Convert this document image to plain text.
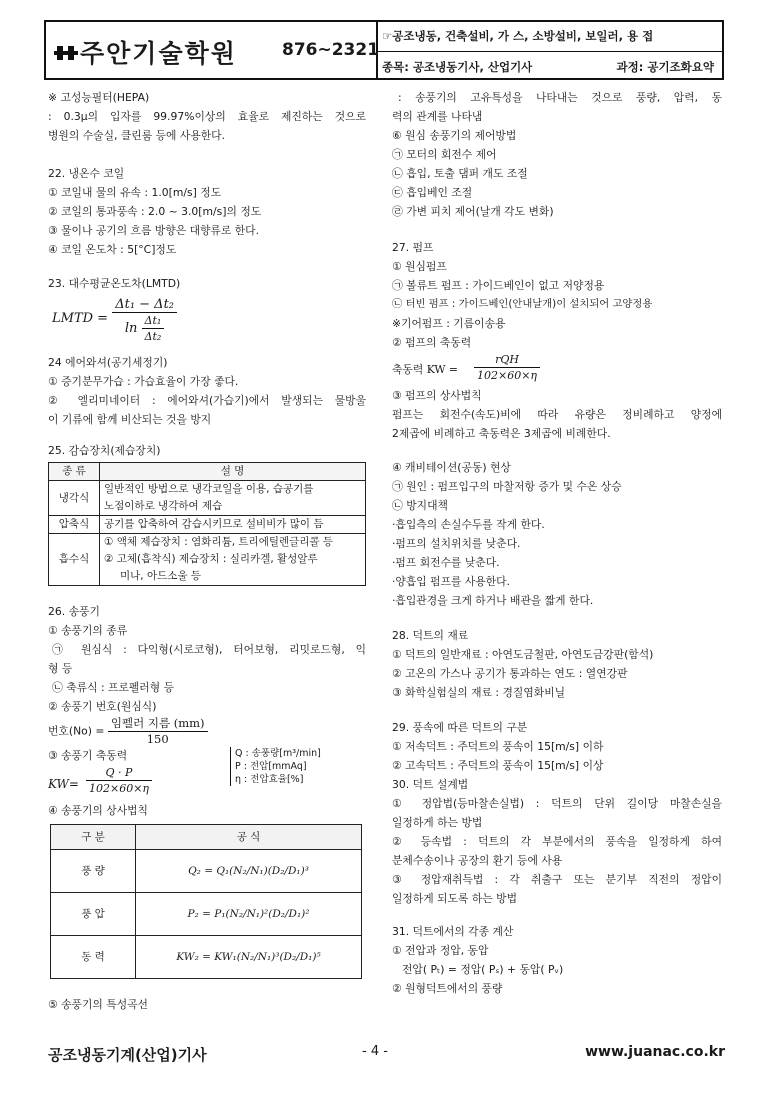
주안기술학원	876~2321
☞공조냉동, 건축설비, 가 스, 소방설비, 보일러, 용 접
종목: 공조냉동기사, 산업기사	과정: 공기조화요약
※ 고성능필터(HEPA)
: 0.3μ의 입자를 99.97%이상의 효율로 제진하는 것으로
병원의 수술실, 클린룸 등에 사용한다.
22. 냉온수 코일
① 코일내 물의 유속 : 1.0[m/s] 정도
② 코일의 통과풍속 : 2.0 ~ 3.0[m/s]의 정도
③ 물이나 공기의 흐름 방향은 대향류로 한다.
④ 코일 온도차 : 5[°C]정도
23. 대수평균온도차(LMTD)
LMTD = $\frac{\text{Δt₁ − Δt₂}}{\ln \frac{\text{Δt₁}}{\text{Δt₂}}}$
24 에어와셔(공기세정기)
① 증기분무가습 : 가습효율이 가장 좋다.
② 엘리미네이터 : 에어와셔(가습기)에서 발생되는 물방울
이 기류에 함께 비산되는 것을 방지
25. 감습장치(제습장치)
종 류	설 명
냉각식	일반적인 방법으로 냉각코일을 이용, 습공기를
노점이하로 냉각하여 제습

압축식	공기를 압축하여 감습시키므로 설비비가 많이 듬

흡수식	① 액체 제습장치 : 염화리튬, 트리에틸렌글리콜 등
② 고체(흡착식) 제습장치 : 실리카겔, 활성알루
미나, 아드소울 등
26. 송풍기
① 송풍기의 종류
㉠ 원심식 : 다익형(시로코형), 터어보형, 리밋로드형, 익
형 등
㉡ 축류식 : 프로펠러형 등
② 송풍기 번호(원심식)
번호$(No) = \frac{\text{임펠러 지름 (mm)}}{150}$
③ 송풍기 축동력
$KW= \frac{Q \cdot P}{102\times 60\times\eta}$
Q : 송풍량[m³/min]
P : 전압[mmAq]
η : 전압효율[%]
④ 송풍기의 상사법칙
구 분	공 식
풍 량	Q₂ = Q₁(N₂/N₁)(D₂/D₁)³
풍 압	P₂ = P₁(N₂/N₁)²(D₂/D₁)²
동 력	KW₂ = KW₁(N₂/N₁)³(D₂/D₁)⁵
⑤ 송풍기의 특성곡선
: 송풍기의 고유특성을 나타내는 것으로 풍량, 압력, 동
력의 관계를 나타냄
⑥ 원심 송풍기의 제어방법
㉠ 모터의 회전수 제어
㉡ 흡입, 토출 댐퍼 개도 조절
㉢ 흡입베인 조절
㉣ 가변 피치 제어(날개 각도 변화)
27. 펌프
① 원심펌프
㉠ 볼류트 펌프 : 가이드베인이 없고 저양정용
㉡ 터빈 펌프 : 가이드베인(안내날개)이 설치되어 고양정용
※기어펌프 : 기름이송용
② 펌프의 축동력
축동력 KW =
rQH
102×60×η
③ 펌프의 상사법칙
펌프는 회전수(속도)비에 따라 유량은 정비례하고 양정에
2제곱에 비례하고 축동력은 3제곱에 비례한다.
④ 캐비테이션(공동) 현상
㉠ 원인 : 펌프입구의 마찰저항 증가 및 수온 상승
㉡ 방지대책
·흡입측의 손실수두를 작게 한다.
·펌프의 설치위치를 낮춘다.
·펌프 회전수를 낮춘다.
·양흡입 펌프를 사용한다.
·흡입관경을 크게 하거나 배관을 짧게 한다.
28. 덕트의 재료
① 덕트의 일반재료 : 아연도금철판, 아연도금강판(함석)
② 고온의 가스나 공기가 통과하는 연도 : 열연강판
③ 화학실험실의 재료 : 경질염화비닐
29. 풍속에 따른 덕트의 구분
① 저속덕트 : 주덕트의 풍속이 15[m/s] 이하
② 고속덕트 : 주덕트의 풍속이 15[m/s] 이상
30. 덕트 설계법
① 정압법(등마찰손실법) : 덕트의 단위 길이당 마찰손실을
일정하게 하는 방법
② 등속법 : 덕트의 각 부분에서의 풍속을 일정하게 하여
분체수송이나 공장의 환기 등에 사용
③ 정압재취득법 : 각 취출구 또는 분기부 직전의 정압이
일정하게 되도록 하는 방법
31. 덕트에서의 각종 계산
① 전압과 정압, 동압
전압( Pₜ) = 정압( Pₛ) + 동압( Pᵥ)
② 원형덕트에서의 풍량
공조냉동기계(산업)기사	- 4 -	www.juanac.co.kr
